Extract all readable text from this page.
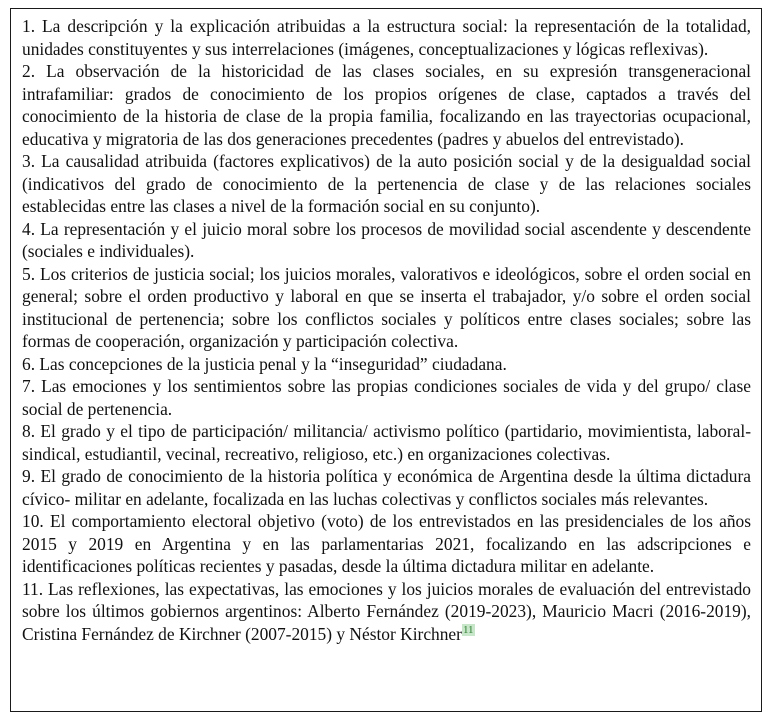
1. La descripción y la explicación atribuidas a la estructura social: la representación de la totalidad, unidades constituyentes y sus interrelaciones (imágenes, conceptualizaciones y lógicas reflexivas).

2. La observación de la historicidad de las clases sociales, en su expresión transgeneracional intrafamiliar: grados de conocimiento de los propios orígenes de clase, captados a través del conocimiento de la historia de clase de la propia familia, focalizando en las trayectorias ocupacional, educativa y migratoria de las dos generaciones precedentes (padres y abuelos del entrevistado).

3. La causalidad atribuida (factores explicativos) de la auto posición social y de la desigualdad social (indicativos del grado de conocimiento de la pertenencia de clase y de las relaciones sociales establecidas entre las clases a nivel de la formación social en su conjunto).

4. La representación y el juicio moral sobre los procesos de movilidad social ascendente y descendente (sociales e individuales).

5. Los criterios de justicia social; los juicios morales, valorativos e ideológicos, sobre el orden social en general; sobre el orden productivo y laboral en que se inserta el trabajador, y/o sobre el orden social institucional de pertenencia; sobre los conflictos sociales y políticos entre clases sociales; sobre las formas de cooperación, organización y participación colectiva.

6. Las concepciones de la justicia penal y la “inseguridad” ciudadana.

7. Las emociones y los sentimientos sobre las propias condiciones sociales de vida y del grupo/ clase social de pertenencia.

8. El grado y el tipo de participación/ militancia/ activismo político (partidario, movimientista, laboral-sindical, estudiantil, vecinal, recreativo, religioso, etc.) en organizaciones colectivas.

9. El grado de conocimiento de la historia política y económica de Argentina desde la última dictadura cívico- militar en adelante, focalizada en las luchas colectivas y conflictos sociales más relevantes.

10. El comportamiento electoral objetivo (voto) de los entrevistados en las presidenciales de los años 2015 y 2019 en Argentina y en las parlamentarias 2021, focalizando en las adscripciones e identificaciones políticas recientes y pasadas, desde la última dictadura militar en adelante.

11. Las reflexiones, las expectativas, las emociones y los juicios morales de evaluación del entrevistado sobre los últimos gobiernos argentinos: Alberto Fernández (2019-2023), Mauricio Macri (2016-2019), Cristina Fernández de Kirchner (2007-2015) y Néstor Kirchner$^{11}$
